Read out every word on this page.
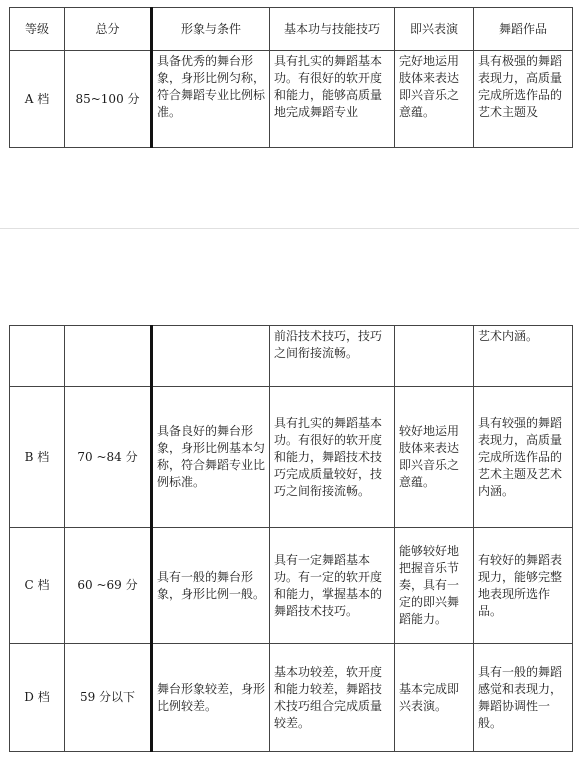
等级	总分	形象与条件	基本功与技能技巧	即兴表演	舞蹈作品
A 档	85~100 分	具备优秀的舞台形象，身形比例匀称，符合舞蹈专业比例标准。	具有扎实的舞蹈基本功。有很好的软开度和能力，能够高质量地完成舞蹈专业	完好地运用肢体来表达即兴音乐之意蕴。	具有极强的舞蹈表现力，高质量完成所选作品的艺术主题及
			前沿技术技巧，技巧之间衔接流畅。		艺术内涵。
B 档	70 ~84 分	具备良好的舞台形象，身形比例基本匀称，符合舞蹈专业比例标准。	具有扎实的舞蹈基本功。有很好的软开度和能力，舞蹈技术技巧完成质量较好，技巧之间衔接流畅。	较好地运用肢体来表达即兴音乐之意蕴。	具有较强的舞蹈表现力，高质量完成所选作品的艺术主题及艺术内涵。
C 档	60 ~69 分	具有一般的舞台形象，身形比例一般。	具有一定舞蹈基本功。有一定的软开度和能力，掌握基本的舞蹈技术技巧。	能够较好地把握音乐节奏，具有一定的即兴舞蹈能力。	有较好的舞蹈表现力，能够完整地表现所选作品。
D 档	59 分以下	舞台形象较差，身形比例较差。	基本功较差，软开度和能力较差，舞蹈技术技巧组合完成质量较差。	基本完成即兴表演。	具有一般的舞蹈感觉和表现力，舞蹈协调性一般。
